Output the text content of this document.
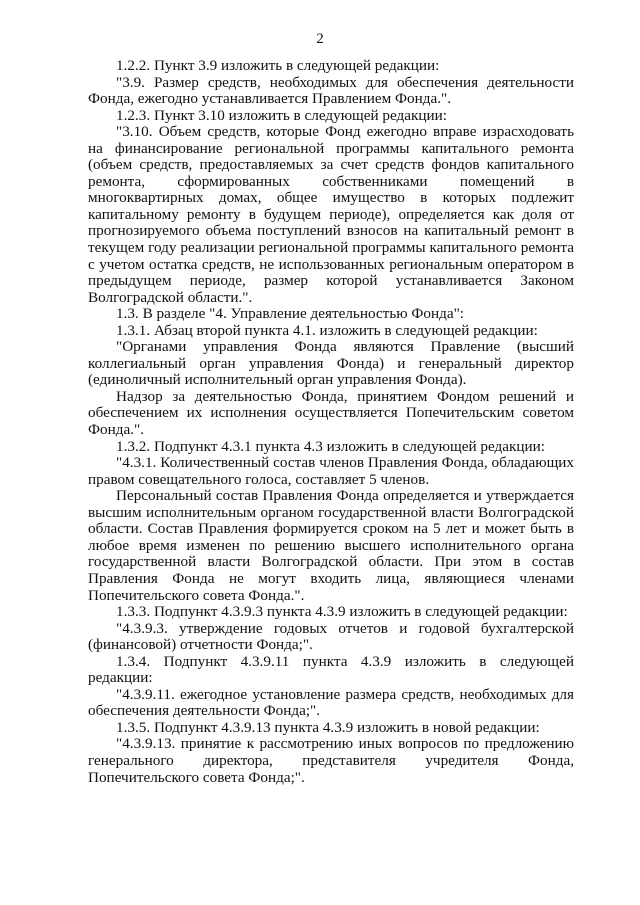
2

1.2.2. Пункт 3.9 изложить в следующей редакции:

"3.9. Размер средств, необходимых для обеспечения деятельности Фонда, ежегодно устанавливается Правлением Фонда.".

1.2.3. Пункт 3.10 изложить в следующей редакции:

"3.10. Объем средств, которые Фонд ежегодно вправе израсходовать на финансирование региональной программы капитального ремонта (объем средств, предоставляемых за счет средств фондов капитального ремонта, сформированных собственниками помещений в многоквартирных домах, общее имущество в которых подлежит капитальному ремонту в будущем периоде), определяется как доля от прогнозируемого объема поступлений взносов на капитальный ремонт в текущем году реализации региональной программы капитального ремонта с учетом остатка средств, не использованных региональным оператором в предыдущем периоде, размер которой устанавливается Законом Волгоградской области.".

1.3. В разделе "4. Управление деятельностью Фонда":

1.3.1. Абзац второй пункта 4.1. изложить в следующей редакции:

"Органами управления Фонда являются Правление (высший коллегиальный орган управления Фонда) и генеральный директор (единоличный исполнительный орган управления Фонда).

Надзор за деятельностью Фонда, принятием Фондом решений и обеспечением их исполнения осуществляется Попечительским советом Фонда.".

1.3.2. Подпункт 4.3.1 пункта 4.3 изложить в следующей редакции:

"4.3.1. Количественный состав членов Правления Фонда, обладающих правом совещательного голоса, составляет 5 членов.

Персональный состав Правления Фонда определяется и утверждается высшим исполнительным органом государственной власти Волгоградской области. Состав Правления формируется сроком на 5 лет и может быть в любое время изменен по решению высшего исполнительного органа государственной власти Волгоградской области. При этом в состав Правления Фонда не могут входить лица, являющиеся членами Попечительского совета Фонда.".

1.3.3. Подпункт 4.3.9.3 пункта 4.3.9 изложить в следующей редакции:

"4.3.9.3. утверждение годовых отчетов и годовой бухгалтерской (финансовой) отчетности Фонда;".

1.3.4. Подпункт 4.3.9.11 пункта 4.3.9 изложить в следующей редакции:

"4.3.9.11. ежегодное установление размера средств, необходимых для обеспечения деятельности Фонда;".

1.3.5. Подпункт 4.3.9.13 пункта 4.3.9 изложить в новой редакции:

"4.3.9.13. принятие к рассмотрению иных вопросов по предложению генерального директора, представителя учредителя Фонда, Попечительского совета Фонда;".
